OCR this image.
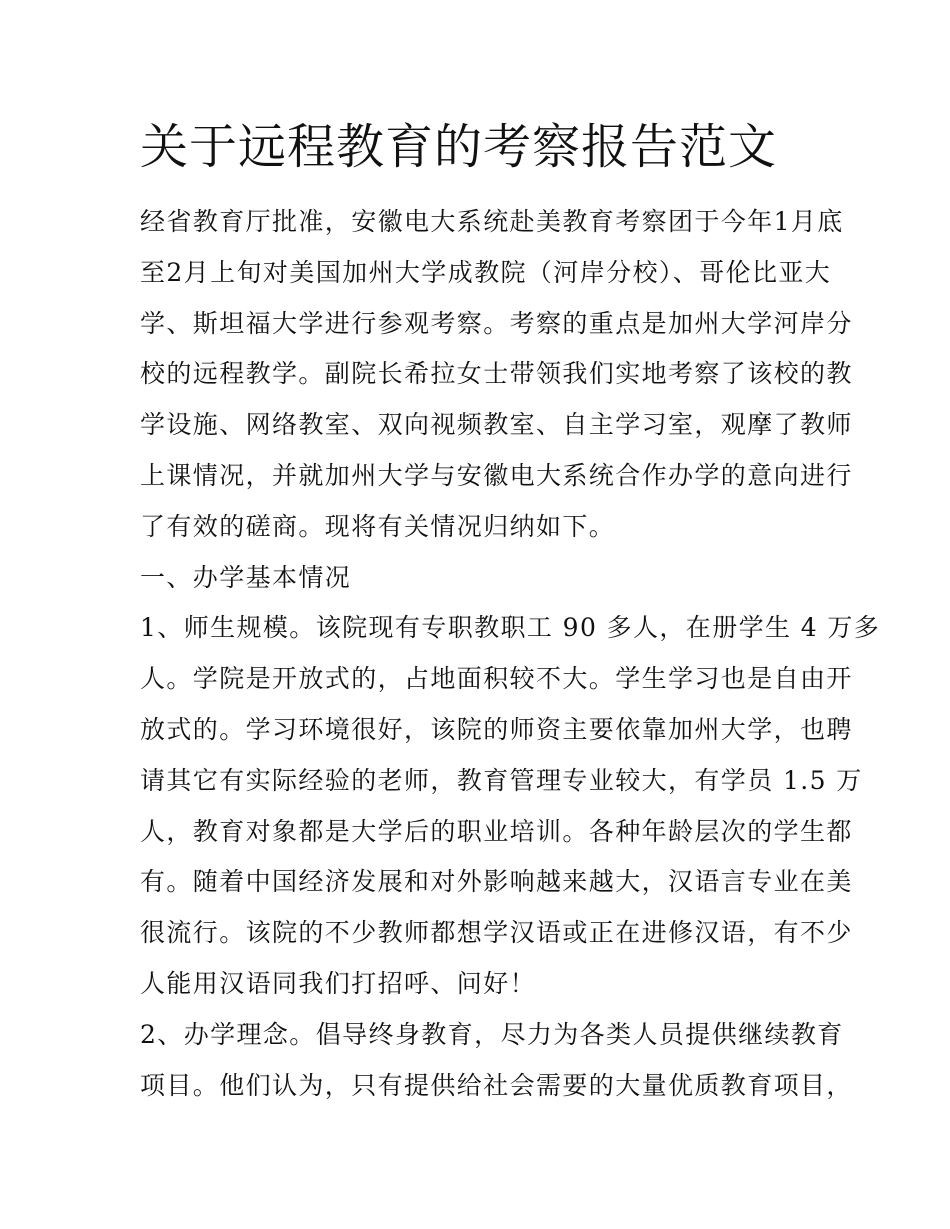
关于远程教育的考察报告范文
经省教育厅批准，安徽电大系统赴美教育考察团于今年1月底
至2月上旬对美国加州大学成教院（河岸分校）、哥伦比亚大
学、斯坦福大学进行参观考察。考察的重点是加州大学河岸分
校的远程教学。副院长希拉女士带领我们实地考察了该校的教
学设施、网络教室、双向视频教室、自主学习室，观摩了教师
上课情况，并就加州大学与安徽电大系统合作办学的意向进行
了有效的磋商。现将有关情况归纳如下。
一、办学基本情况
1、师生规模。该院现有专职教职工 90 多人，在册学生 4 万多
人。学院是开放式的，占地面积较不大。学生学习也是自由开
放式的。学习环境很好，该院的师资主要依靠加州大学，也聘
请其它有实际经验的老师，教育管理专业较大，有学员 1.5 万
人，教育对象都是大学后的职业培训。各种年龄层次的学生都
有。随着中国经济发展和对外影响越来越大，汉语言专业在美
很流行。该院的不少教师都想学汉语或正在进修汉语，有不少
人能用汉语同我们打招呼、问好！
2、办学理念。倡导终身教育，尽力为各类人员提供继续教育
项目。他们认为，只有提供给社会需要的大量优质教育项目，
